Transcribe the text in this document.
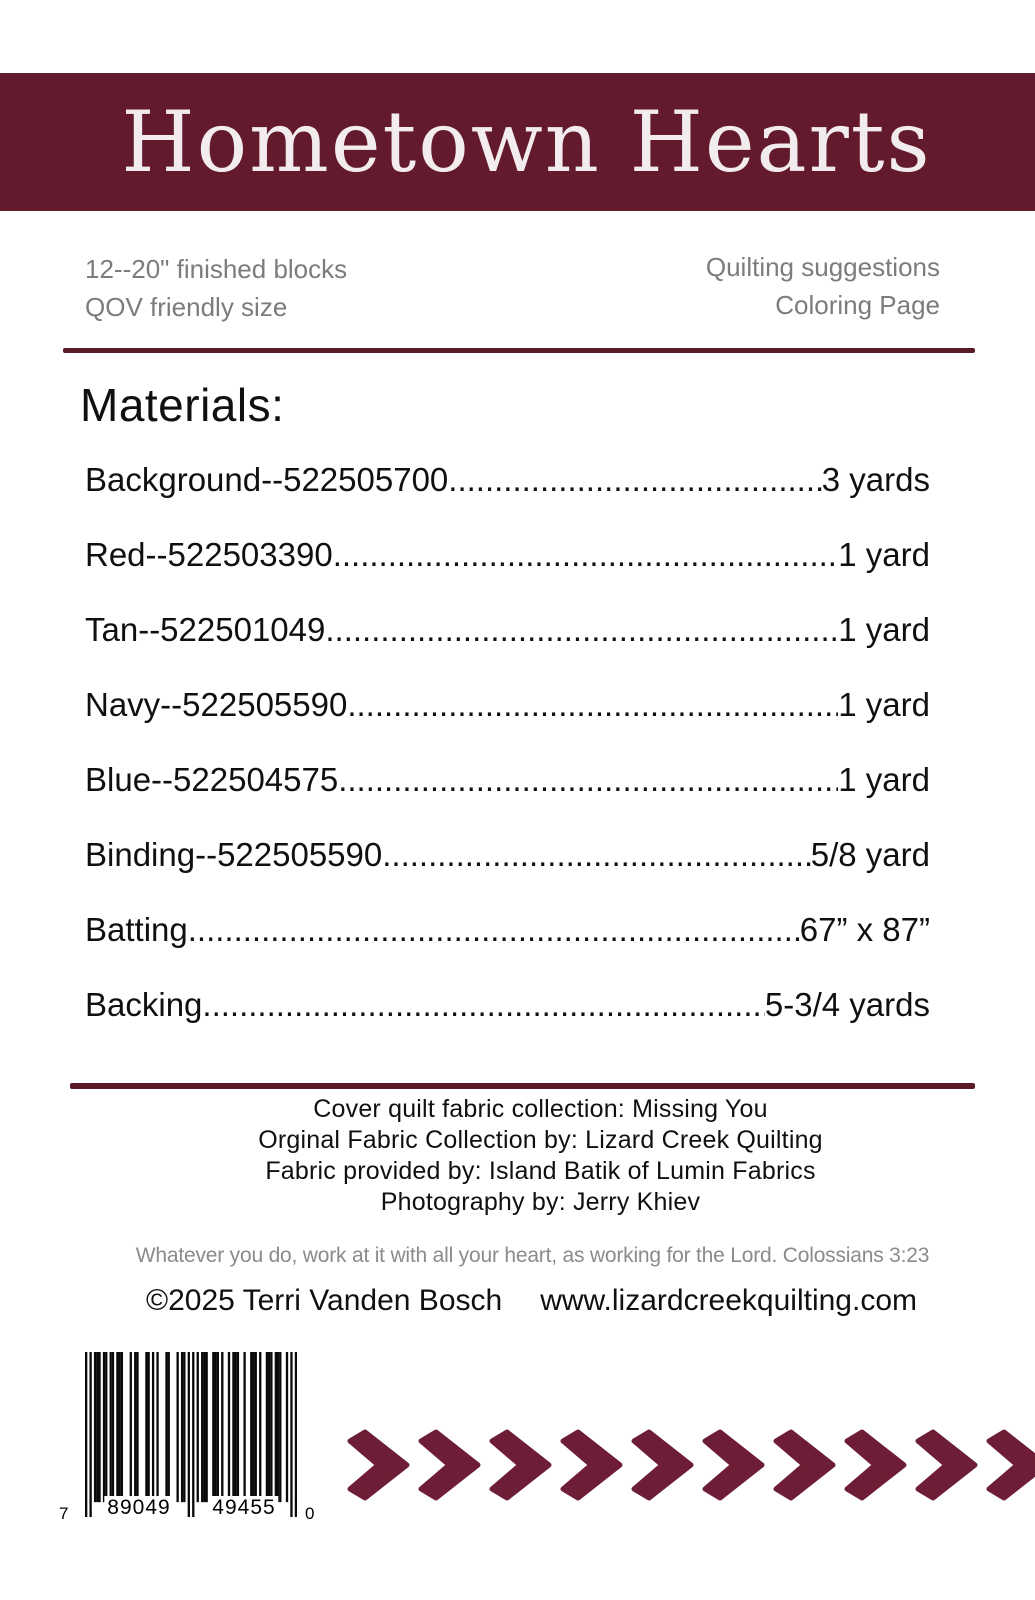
Hometown Hearts
12--20" finished blocks
QOV friendly size
Quilting suggestions
Coloring Page
Materials:
Background--522505700 .....	3 yards
Red--522503390 .....	1 yard
Tan--522501049 .....	1 yard
Navy--522505590 .....	1 yard
Blue--522504575 .....	1 yard
Binding--522505590 .....	5/8 yard
Batting .....	67” x 87”
Backing .....	5-3/4 yards
Cover quilt fabric collection: Missing You
Orginal Fabric Collection by: Lizard Creek Quilting
Fabric provided by: Island Batik of Lumin Fabrics
Photography by: Jerry Khiev
Whatever you do, work at it with all your heart, as working for the Lord. Colossians 3:23
©2025 Terri Vanden Bosch www.lizardcreekquilting.com
7 89049 49455 0
